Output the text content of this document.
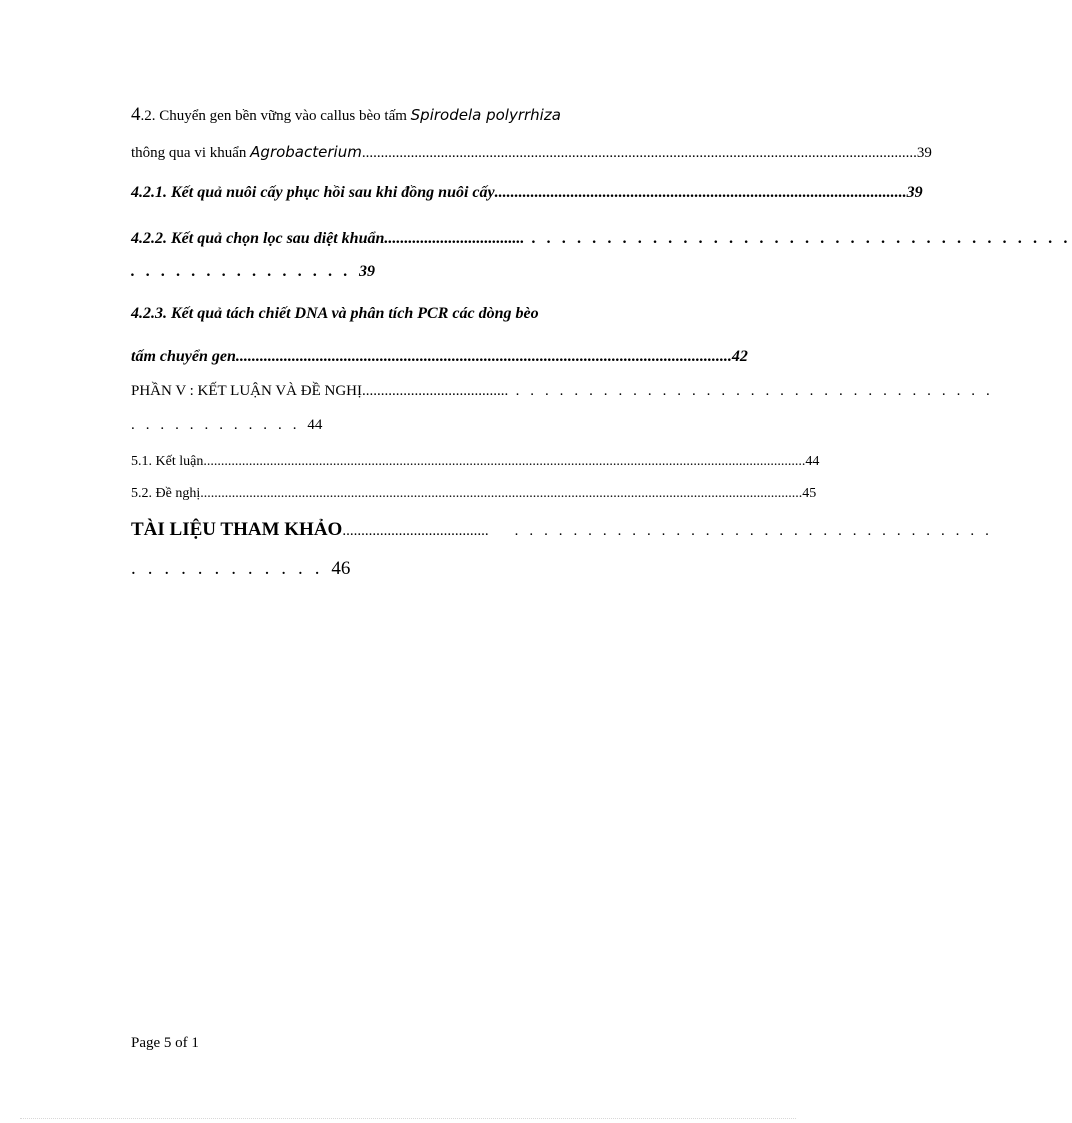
4.2. Chuyển gen bền vững vào callus bèo tấm Spirodela polyrrhiza
thông qua vi khuẩn Agrobacterium .................................................................................................................................................... 39
4.2.1. Kết quả nuôi cấy phục hồi sau khi đồng nuôi cấy ....................................................................................................... 39
4.2.2. Kết quả chọn lọc sau diệt khuẩn ................................... . . . . . . . . . . . . . . . . . . . . . . . . . . . . . . . . . . . .
. . . . . . . . . . . . . . . 39
4.2.3. Kết quả tách chiết DNA và phân tích PCR các dòng bèo
tấm chuyển gen ............................................................................................................................ 42
PHẦN V : KẾT LUẬN VÀ ĐỀ NGHỊ ....................................... . . . . . . . . . . . . . . . . . . . . . . . . . . . . . . . . .
. . . . . . . . . . . . 44
5.1. Kết luận ............................................................................................................................................................................ 44
5.2. Đề nghị ............................................................................................................................................................................ 45
TÀI LIỆU THAM KHẢO .......................................      . . . . . . . . . . . . . . . . . . . . . . . . . . . . . . . . .
. . . . . . . . . . . . 46
Page 5 of 1
